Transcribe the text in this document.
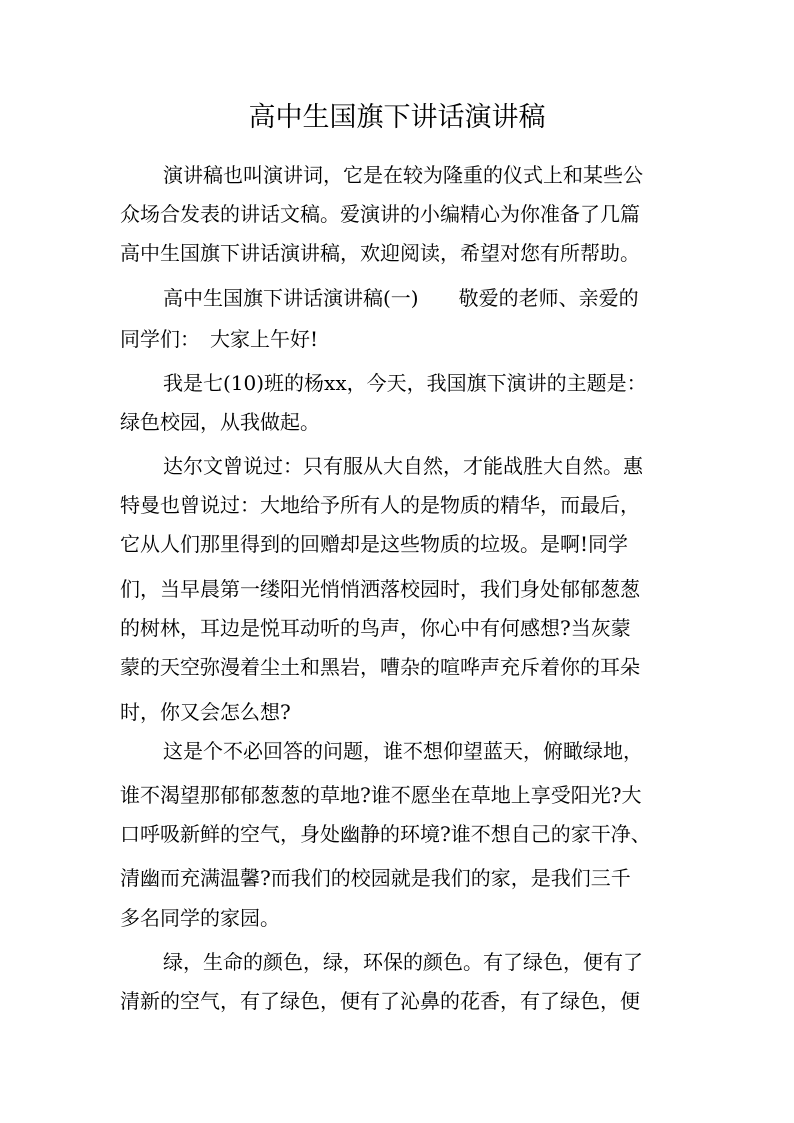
高中生国旗下讲话演讲稿
演讲稿也叫演讲词，它是在较为隆重的仪式上和某些公
众场合发表的讲话文稿。爱演讲的小编精心为你准备了几篇
高中生国旗下讲话演讲稿，欢迎阅读，希望对您有所帮助。
高中生国旗下讲话演讲稿(一)　　敬爱的老师、亲爱的
同学们：　大家上午好!
我是七(10)班的杨xx，今天，我国旗下演讲的主题是：
绿色校园，从我做起。
达尔文曾说过：只有服从大自然，才能战胜大自然。惠
特曼也曾说过：大地给予所有人的是物质的精华，而最后，
它从人们那里得到的回赠却是这些物质的垃圾。是啊!同学
们，当早晨第一缕阳光悄悄洒落校园时，我们身处郁郁葱葱
的树林，耳边是悦耳动听的鸟声，你心中有何感想?当灰蒙
蒙的天空弥漫着尘土和黑岩，嘈杂的喧哗声充斥着你的耳朵
时，你又会怎么想?
这是个不必回答的问题，谁不想仰望蓝天，俯瞰绿地，
谁不渴望那郁郁葱葱的草地?谁不愿坐在草地上享受阳光?大
口呼吸新鲜的空气，身处幽静的环境?谁不想自己的家干净、
清幽而充满温馨?而我们的校园就是我们的家，是我们三千
多名同学的家园。
绿，生命的颜色，绿，环保的颜色。有了绿色，便有了
清新的空气，有了绿色，便有了沁鼻的花香，有了绿色，便
